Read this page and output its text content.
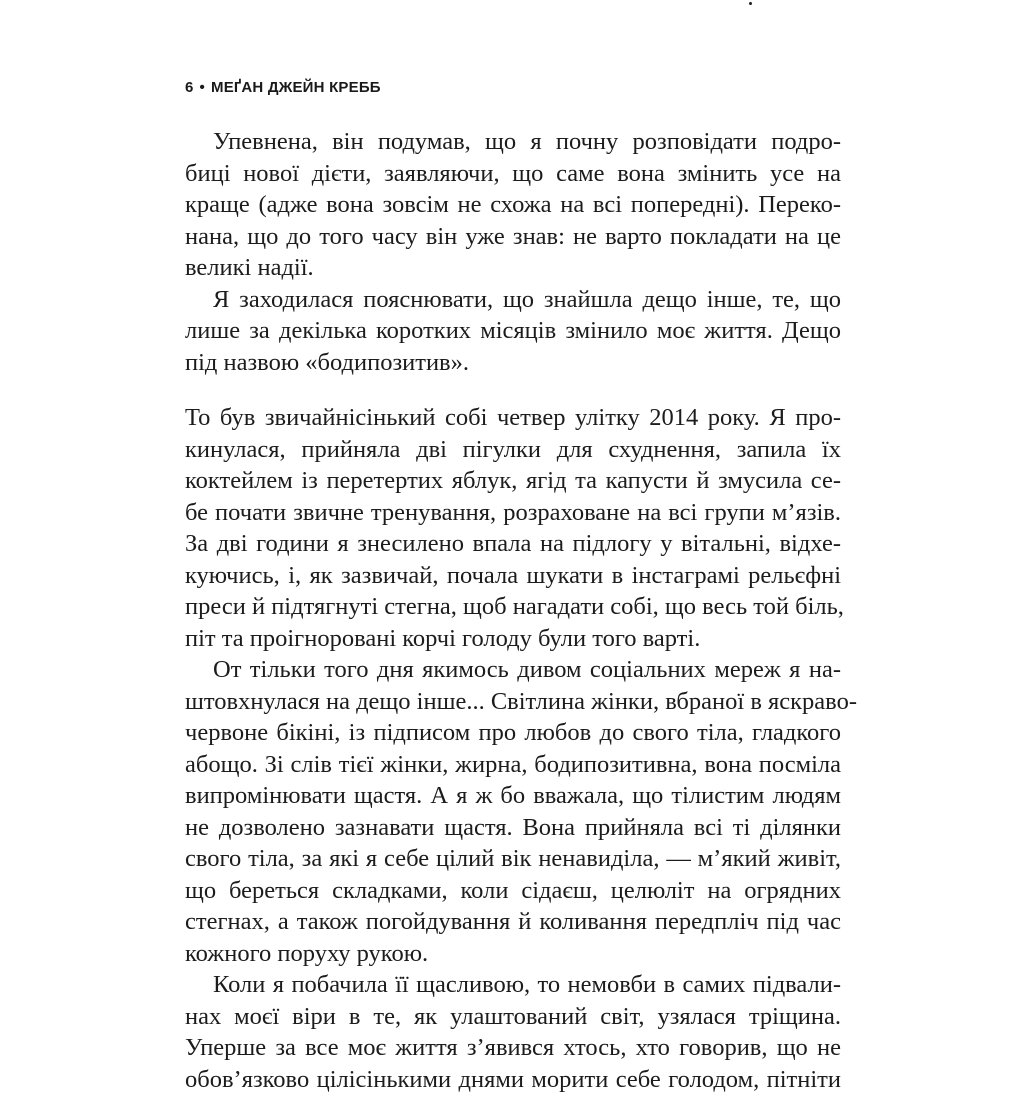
6 • МЕҐАН ДЖЕЙН КРЕББ
Упевнена, він подумав, що я почну розповідати подро-
биці нової дієти, заявляючи, що саме вона змінить усе на
краще (адже вона зовсім не схожа на всі попередні). Переко-
нана, що до того часу він уже знав: не варто покладати на це
великі надії.
Я заходилася пояснювати, що знайшла дещо інше, те, що
лише за декілька коротких місяців змінило моє життя. Дещо
під назвою «бодипозитив».
То був звичайнісінький собі четвер улітку 2014 року. Я про-
кинулася, прийняла дві пігулки для схуднення, запила їх
коктейлем із перетертих яблук, ягід та капусти й змусила се-
бе почати звичне тренування, розраховане на всі групи м’язів.
За дві години я знесилено впала на підлогу у вітальні, відхе-
куючись, і, як зазвичай, почала шукати в інстаграмі рельєфні
преси й підтягнуті стегна, щоб нагадати собі, що весь той біль,
піт та проігноровані корчі голоду були того варті.
От тільки того дня якимось дивом соціальних мереж я на-
штовхнулася на дещо інше... Світлина жінки, вбраної в яскраво-
червоне бікіні, із підписом про любов до свого тіла, гладкого
абощо. Зі слів тієї жінки, жирна, бодипозитивна, вона посміла
випромінювати щастя. А я ж бо вважала, що тілистим людям
не дозволено зазнавати щастя. Вона прийняла всі ті ділянки
свого тіла, за які я себе цілий вік ненавиділа, — м’який живіт,
що береться складками, коли сідаєш, целюліт на огрядних
стегнах, а також погойдування й коливання передпліч під час
кожного поруху рукою.
Коли я побачила її щасливою, то немовби в самих підвали-
нах моєї віри в те, як улаштований світ, узялася тріщина.
Уперше за все моє життя з’явився хтось, хто говорив, що не
обов’язково цілісінькими днями морити себе голодом, пітніти
